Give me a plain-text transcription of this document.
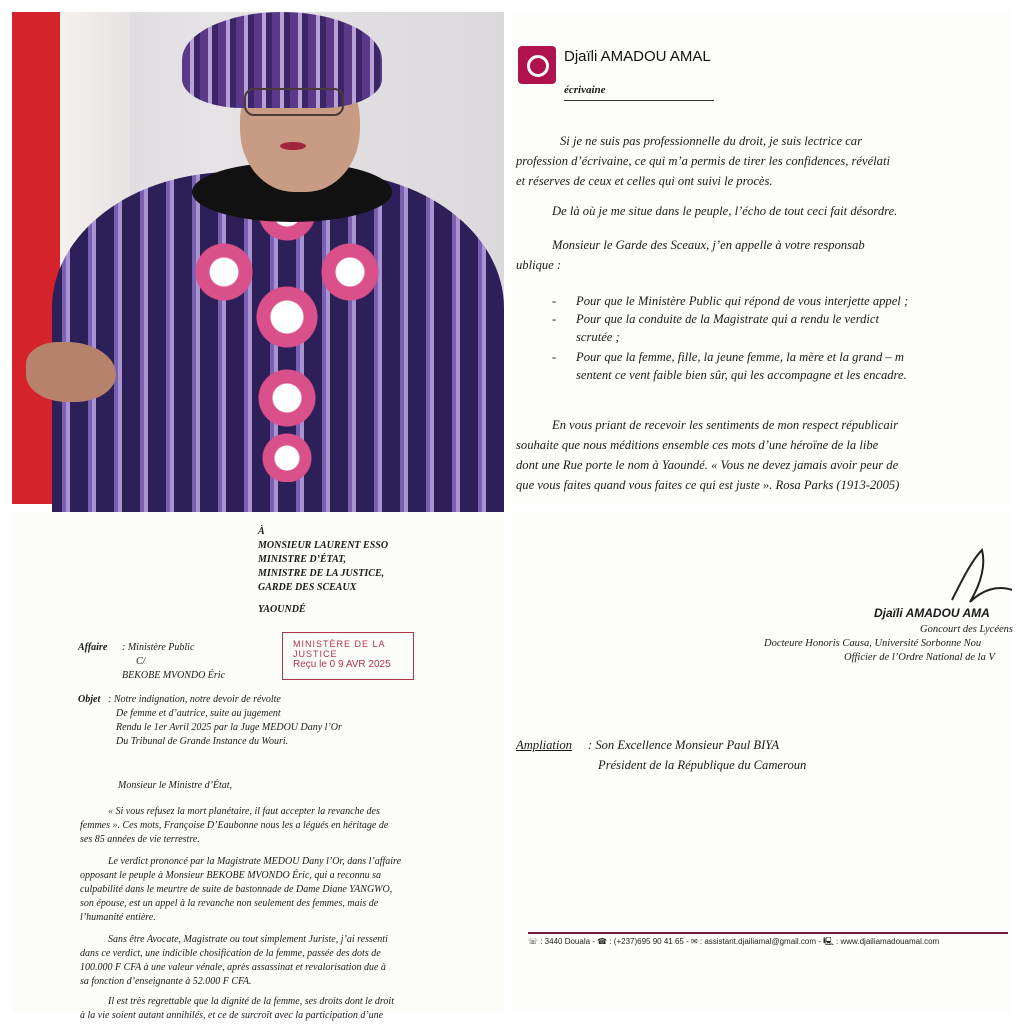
Djaïli AMADOU AMAL
écrivaine
Si je ne suis pas professionnelle du droit, je suis lectrice car
profession d’écrivaine, ce qui m’a permis de tirer les confidences, révélati
et réserves de ceux et celles qui ont suivi le procès.
De là où je me situe dans le peuple, l’écho de tout ceci fait désordre.
Monsieur le Garde des Sceaux, j’en appelle à votre responsab
ublique :
- Pour que le Ministère Public qui répond de vous interjette appel ;
- Pour que la conduite de la Magistrate qui a rendu le verdict
scrutée ;
- Pour que la femme, fille, la jeune femme, la mère et la grand – m
sentent ce vent faible bien sûr, qui les accompagne et les encadre.
En vous priant de recevoir les sentiments de mon respect républicair
souhaite que nous méditions ensemble ces mots d’une héroïne de la libe
dont une Rue porte le nom à Yaoundé. « Vous ne devez jamais avoir peur de
que vous faites quand vous faites ce qui est juste ». Rosa Parks (1913-2005)
Djaïli AMADOU AMA
Goncourt des Lycéens
Docteure Honoris Causa, Université Sorbonne Nou
Officier de l’Ordre National de la V
Ampliation : Son Excellence Monsieur Paul BIYA
Président de la République du Cameroun
☏ : 3440 Douala - ☎ : (+237)695 90 41 65 - ✉ : assistant.djailiamal@gmail.com - 🖳 : www.djailiamadouamal.com
À
MONSIEUR LAURENT ESSO
MINISTRE D’ÉTAT,
MINISTRE DE LA JUSTICE,
GARDE DES SCEAUX
YAOUNDÉ
MINISTÈRE DE LA JUSTICE
Reçu le 0 9 AVR 2025
Affaire : Ministère Public
C/
BEKOBE MVONDO Éric
Objet : Notre indignation, notre devoir de révolte
De femme et d’autrice, suite au jugement
Rendu le 1er Avril 2025 par la Juge MEDOU Dany l’Or
Du Tribunal de Grande Instance du Wouri.
Monsieur le Ministre d’État,
« Si vous refusez la mort planétaire, il faut accepter la revanche des
femmes ». Ces mots, Françoise D’Eaubonne nous les a légués en héritage de
ses 85 années de vie terrestre.
Le verdict prononcé par la Magistrate MEDOU Dany l’Or, dans l’affaire
opposant le peuple à Monsieur BEKOBE MVONDO Éric, qui a reconnu sa
culpabilité dans le meurtre de suite de bastonnade de Dame Diane YANGWO,
son épouse, est un appel à la revanche non seulement des femmes, mais de
l’humanité entière.
Sans être Avocate, Magistrate ou tout simplement Juriste, j’ai ressenti
dans ce verdict, une indicible chosification de la femme, passée des dots de
100.000 F CFA à une valeur vénale, après assassinat et revalorisation due à
sa fonction d’enseignante à 52.000 F CFA.
Il est très regrettable que la dignité de la femme, ses droits dont le droit
à la vie soient autant annihilés, et ce de surcroît avec la participation d’une
